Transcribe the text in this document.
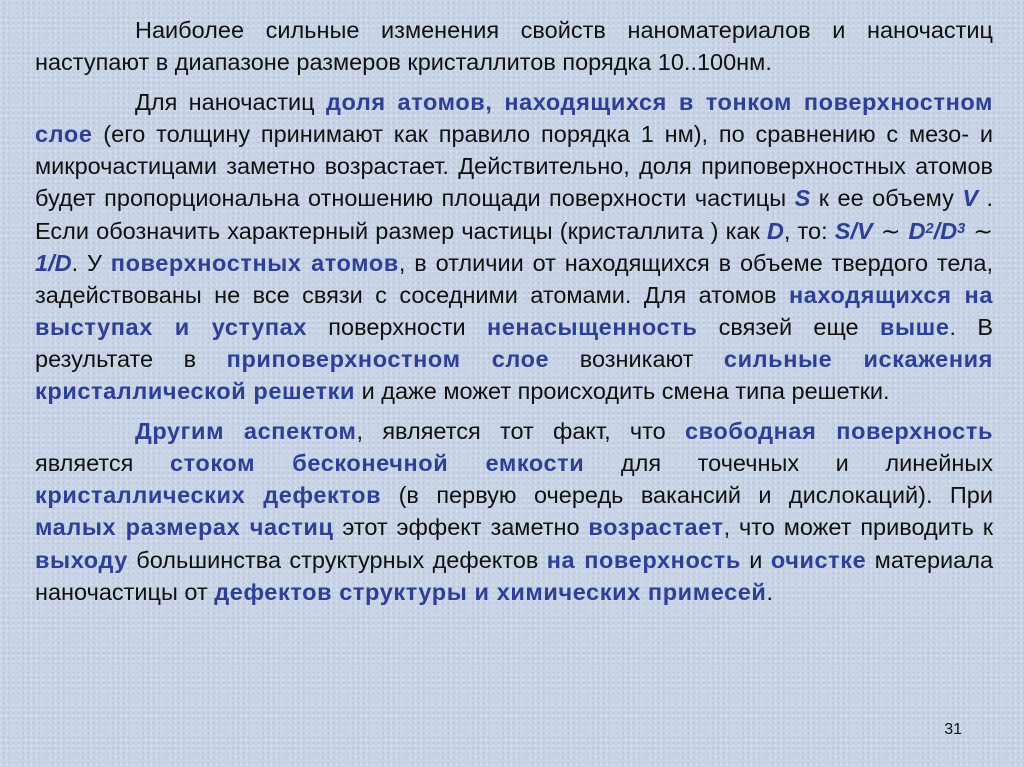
Наиболее сильные изменения свойств наноматериалов и наночастиц наступают в диапазоне размеров кристаллитов порядка 10..100нм.

Для наночастиц доля атомов, находящихся в тонком поверхностном слое (его толщину принимают как правило порядка 1 нм), по сравнению с мезо- и микрочастицами заметно возрастает. Действительно, доля приповерхностных атомов будет пропорциональна отношению площади поверхности частицы S к ее объему V . Если обозначить характерный размер частицы (кристаллита ) как D, то: S/V ~ $D^2/D^3$ ~ 1/D. У поверхностных атомов, в отличии от находящихся в объеме твердого тела, задействованы не все связи с соседними атомами. Для атомов находящихся на выступах и уступах поверхности ненасыщенность связей еще выше. В результате в приповерхностном слое возникают сильные искажения кристаллической решетки и даже может происходить смена типа решетки.

Другим аспектом, является тот факт, что свободная поверхность является стоком бесконечной емкости для точечных и линейных кристаллических дефектов (в первую очередь вакансий и дислокаций). При малых размерах частиц этот эффект заметно возрастает, что может приводить к выходу большинства структурных дефектов на поверхность и очистке материала наночастицы от дефектов структуры и химических примесей.

31
